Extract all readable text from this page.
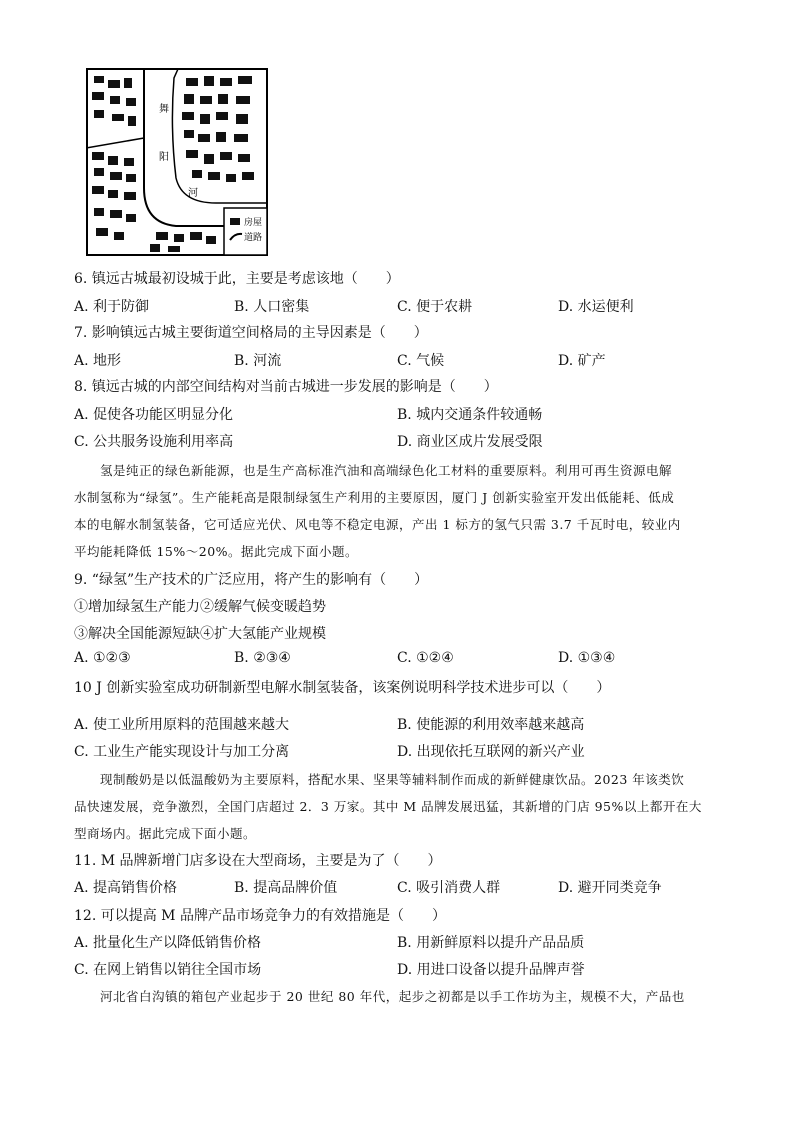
房屋
道路
舞
阳
河
6. 镇远古城最初设城于此，主要是考虑该地（　　）
A. 利于防御	B. 人口密集	C. 便于农耕	D. 水运便利
7. 影响镇远古城主要街道空间格局的主导因素是（　　）
A. 地形	B. 河流	C. 气候	D. 矿产
8. 镇远古城的内部空间结构对当前古城进一步发展的影响是（　　）
A. 促使各功能区明显分化	B. 城内交通条件较通畅
C. 公共服务设施利用率高	D. 商业区成片发展受限
氢是纯正的绿色新能源，也是生产高标准汽油和高端绿色化工材料的重要原料。利用可再生资源电解
水制氢称为“绿氢”。生产能耗高是限制绿氢生产利用的主要原因，厦门 J 创新实验室开发出低能耗、低成
本的电解水制氢装备，它可适应光伏、风电等不稳定电源，产出 1 标方的氢气只需 3.7 千瓦时电，较业内
平均能耗降低 15%～20%。据此完成下面小题。
9. “绿氢”生产技术的广泛应用，将产生的影响有（　　）
①增加绿氢生产能力②缓解气候变暖趋势
③解决全国能源短缺④扩大氢能产业规模
A. ①②③	B. ②③④	C. ①②④	D. ①③④
10 J 创新实验室成功研制新型电解水制氢装备，该案例说明科学技术进步可以（　　）
A. 使工业所用原料的范围越来越大	B. 使能源的利用效率越来越高
C. 工业生产能实现设计与加工分离	D. 出现依托互联网的新兴产业
现制酸奶是以低温酸奶为主要原料，搭配水果、坚果等辅料制作而成的新鲜健康饮品。2023 年该类饮
品快速发展，竞争激烈，全国门店超过 2．3 万家。其中 M 品牌发展迅猛，其新增的门店 95%以上都开在大
型商场内。据此完成下面小题。
11. M 品牌新增门店多设在大型商场，主要是为了（　　）
A. 提高销售价格	B. 提高品牌价值	C. 吸引消费人群	D. 避开同类竞争
12. 可以提高 M 品牌产品市场竞争力的有效措施是（　　）
A. 批量化生产以降低销售价格	B. 用新鲜原料以提升产品品质
C. 在网上销售以销往全国市场	D. 用进口设备以提升品牌声誉
河北省白沟镇的箱包产业起步于 20 世纪 80 年代，起步之初都是以手工作坊为主，规模不大，产品也
